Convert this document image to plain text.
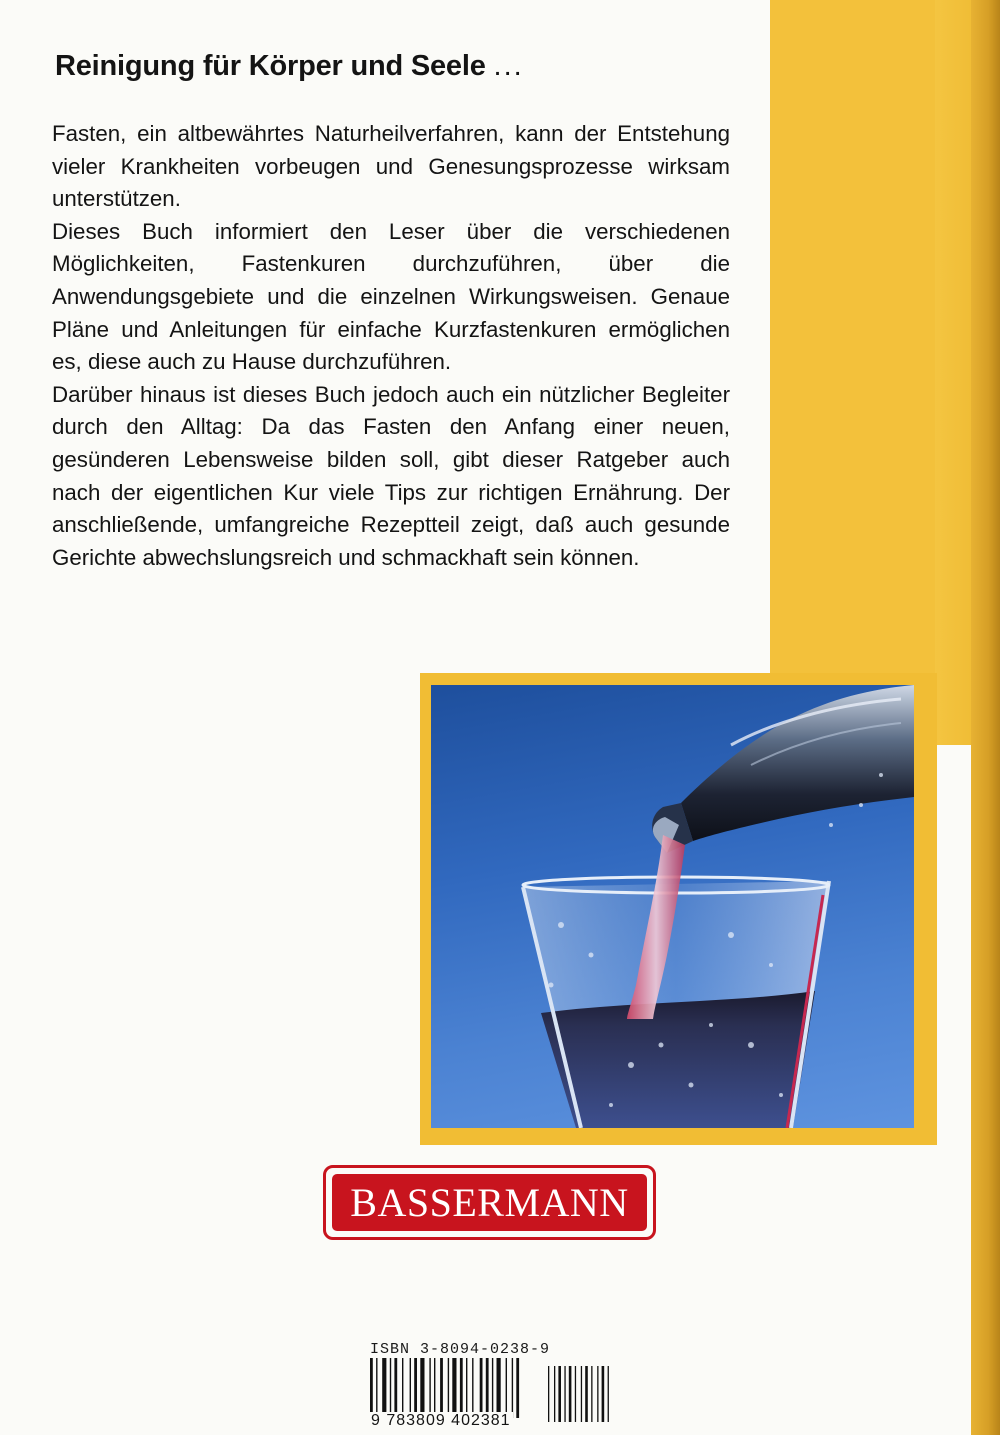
Reinigung für Körper und Seele ...

Fasten, ein altbewährtes Naturheilverfahren, kann der Entstehung vieler Krankheiten vorbeugen und Genesungsprozesse wirksam unterstützen.

Dieses Buch informiert den Leser über die verschiedenen Möglichkeiten, Fastenkuren durchzuführen, über die Anwendungsgebiete und die einzelnen Wirkungsweisen. Genaue Pläne und Anleitungen für einfache Kurzfastenkuren ermöglichen es, diese auch zu Hause durchzuführen.

Darüber hinaus ist dieses Buch jedoch auch ein nützlicher Begleiter durch den Alltag: Da das Fasten den Anfang einer neuen, gesünderen Lebensweise bilden soll, gibt dieser Ratgeber auch nach der eigentlichen Kur viele Tips zur richtigen Ernährung. Der anschließende, umfangreiche Rezeptteil zeigt, daß auch gesunde Gerichte abwechslungsreich und schmackhaft sein können.

BASSERMANN
ISBN 3-8094-0238-9
9 783809 402381
